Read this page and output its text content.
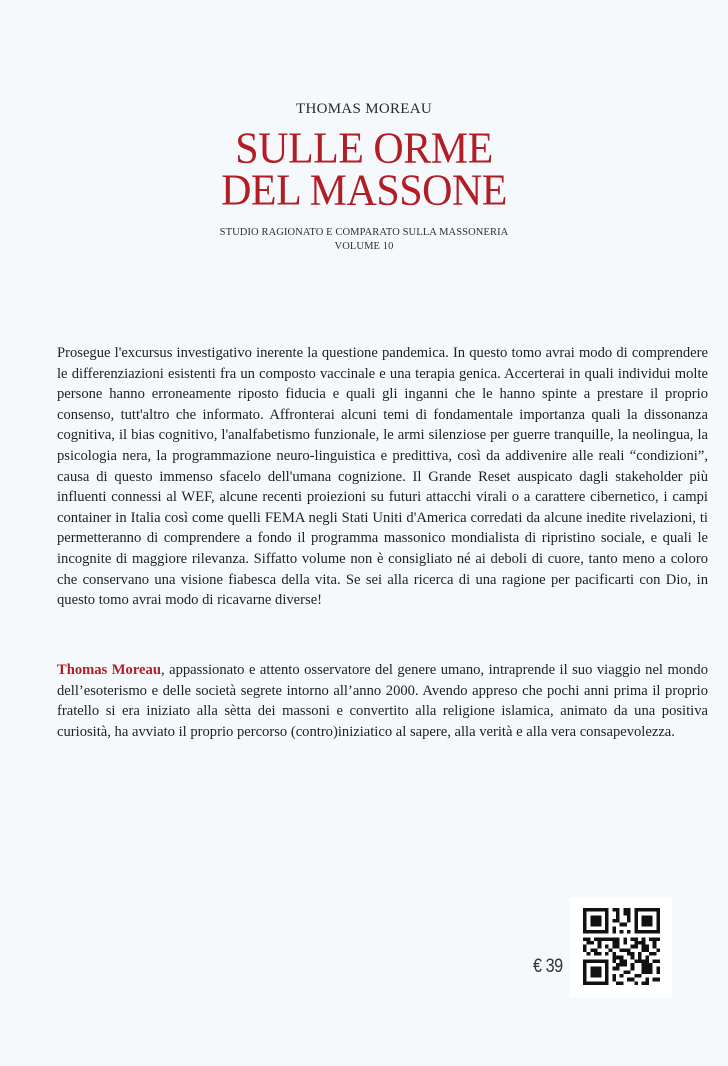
THOMAS MOREAU
SULLE ORME
DEL MASSONE
STUDIO RAGIONATO E COMPARATO SULLA MASSONERIA
VOLUME 10

Prosegue l'excursus investigativo inerente la questione pandemica. In questo tomo avrai modo di comprendere le differenziazioni esistenti fra un composto vaccinale e una terapia genica. Accerterai in quali individui molte persone hanno erroneamente riposto fiducia e quali gli inganni che le hanno spinte a prestare il proprio consenso, tutt'altro che informato. Affronterai alcuni temi di fondamentale importanza quali la dissonanza cognitiva, il bias cognitivo, l'analfabetismo funzionale, le armi silenziose per guerre tranquille, la neolingua, la psicologia nera, la programmazione neuro-linguistica e predittiva, così da addivenire alle reali “condizioni”, causa di questo immenso sfacelo dell'umana cognizione. Il Grande Reset auspicato dagli stakeholder più influenti connessi al WEF, alcune recenti proiezioni su futuri attacchi virali o a carattere cibernetico, i campi container in Italia così come quelli FEMA negli Stati Uniti d'America corredati da alcune inedite rivelazioni, ti permetteranno di comprendere a fondo il programma massonico mondialista di ripristino sociale, e quali le incognite di maggiore rilevanza. Siffatto volume non è consigliato né ai deboli di cuore, tanto meno a coloro che conservano una visione fiabesca della vita. Se sei alla ricerca di una ragione per pacificarti con Dio, in questo tomo avrai modo di ricavarne diverse!

Thomas Moreau, appassionato e attento osservatore del genere umano, intraprende il suo viaggio nel mondo dell’esoterismo e delle società segrete intorno all’anno 2000. Avendo appreso che pochi anni prima il proprio fratello si era iniziato alla sètta dei massoni e convertito alla religione islamica, animato da una positiva curiosità, ha avviato il proprio percorso (contro)iniziatico al sapere, alla verità e alla vera consapevolezza.

€ 39
